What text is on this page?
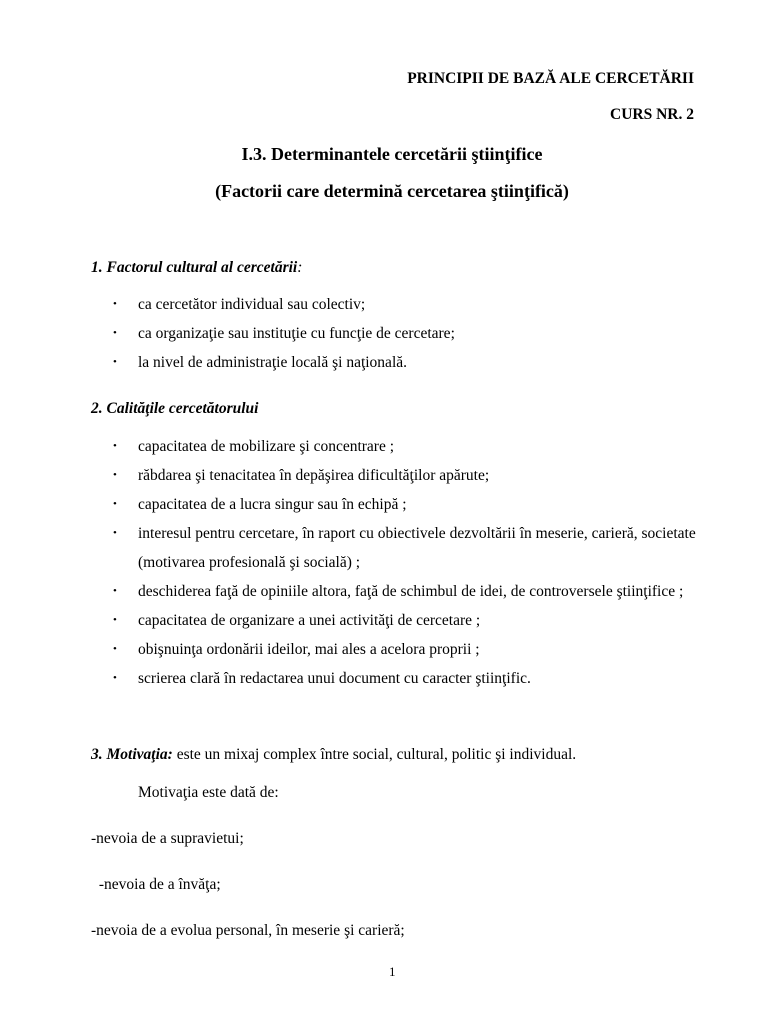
PRINCIPII DE BAZĂ ALE CERCETĂRII
CURS NR. 2
I.3. Determinantele cercetării ştiinţifice
(Factorii care determină cercetarea ştiinţifică)
1. Factorul cultural al cercetării:
• ca cercetător individual sau colectiv;
• ca organizaţie sau instituţie cu funcţie de cercetare;
• la nivel de administraţie locală şi naţională.
2. Calităţile cercetătorului
• capacitatea de mobilizare şi concentrare ;
• răbdarea şi tenacitatea în depăşirea dificultăţilor apărute;
• capacitatea de a lucra singur sau în echipă ;
• interesul pentru cercetare, în raport cu obiectivele dezvoltării în meserie, carieră, societate (motivarea profesională şi socială) ;
• deschiderea faţă de opiniile altora, faţă de schimbul de idei, de controversele ştiinţifice ;
• capacitatea de organizare a unei activităţi de cercetare ;
• obişnuinţa ordonării ideilor, mai ales a acelora proprii ;
• scrierea clară în redactarea unui document cu caracter ştiinţific.
3. Motivaţia: este un mixaj complex între social, cultural, politic şi individual.
Motivaţia este dată de:
-nevoia de a supravietui;
-nevoia de a învăţa;
-nevoia de a evolua personal, în meserie şi carieră;
1
